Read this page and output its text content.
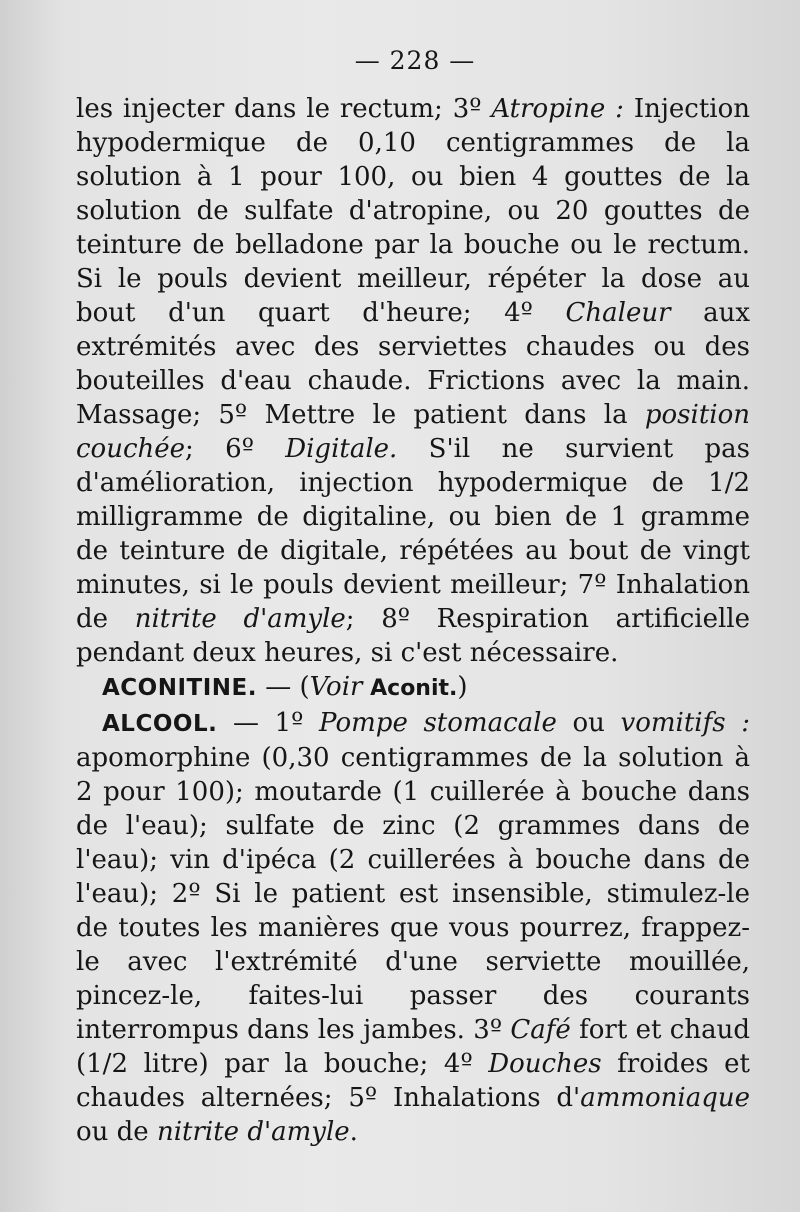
— 228 —

les injecter dans le rectum; 3º Atropine : Injection hypodermique de 0,10 centigrammes de la solution à 1 pour 100, ou bien 4 gouttes de la solution de sulfate d'atropine, ou 20 gouttes de teinture de belladone par la bouche ou le rectum. Si le pouls devient meilleur, répéter la dose au bout d'un quart d'heure; 4º Chaleur aux extrémités avec des serviettes chaudes ou des bouteilles d'eau chaude. Frictions avec la main. Massage; 5º Mettre le patient dans la position couchée; 6º Digitale. S'il ne survient pas d'amélioration, injection hypodermique de 1/2 milligramme de digitaline, ou bien de 1 gramme de teinture de digitale, répétées au bout de vingt minutes, si le pouls devient meilleur; 7º Inhalation de nitrite d'amyle; 8º Respiration artificielle pendant deux heures, si c'est nécessaire.

ACONITINE. — (Voir Aconit.)

ALCOOL. — 1º Pompe stomacale ou vomitifs : apomorphine (0,30 centigrammes de la solution à 2 pour 100); moutarde (1 cuillerée à bouche dans de l'eau); sulfate de zinc (2 grammes dans de l'eau); vin d'ipéca (2 cuillerées à bouche dans de l'eau); 2º Si le patient est insensible, stimulez-le de toutes les manières que vous pourrez, frappez-le avec l'extrémité d'une serviette mouillée, pincez-le, faites-lui passer des courants interrompus dans les jambes. 3º Café fort et chaud (1/2 litre) par la bouche; 4º Douches froides et chaudes alternées; 5º Inhalations d'ammoniaque ou de nitrite d'amyle.
